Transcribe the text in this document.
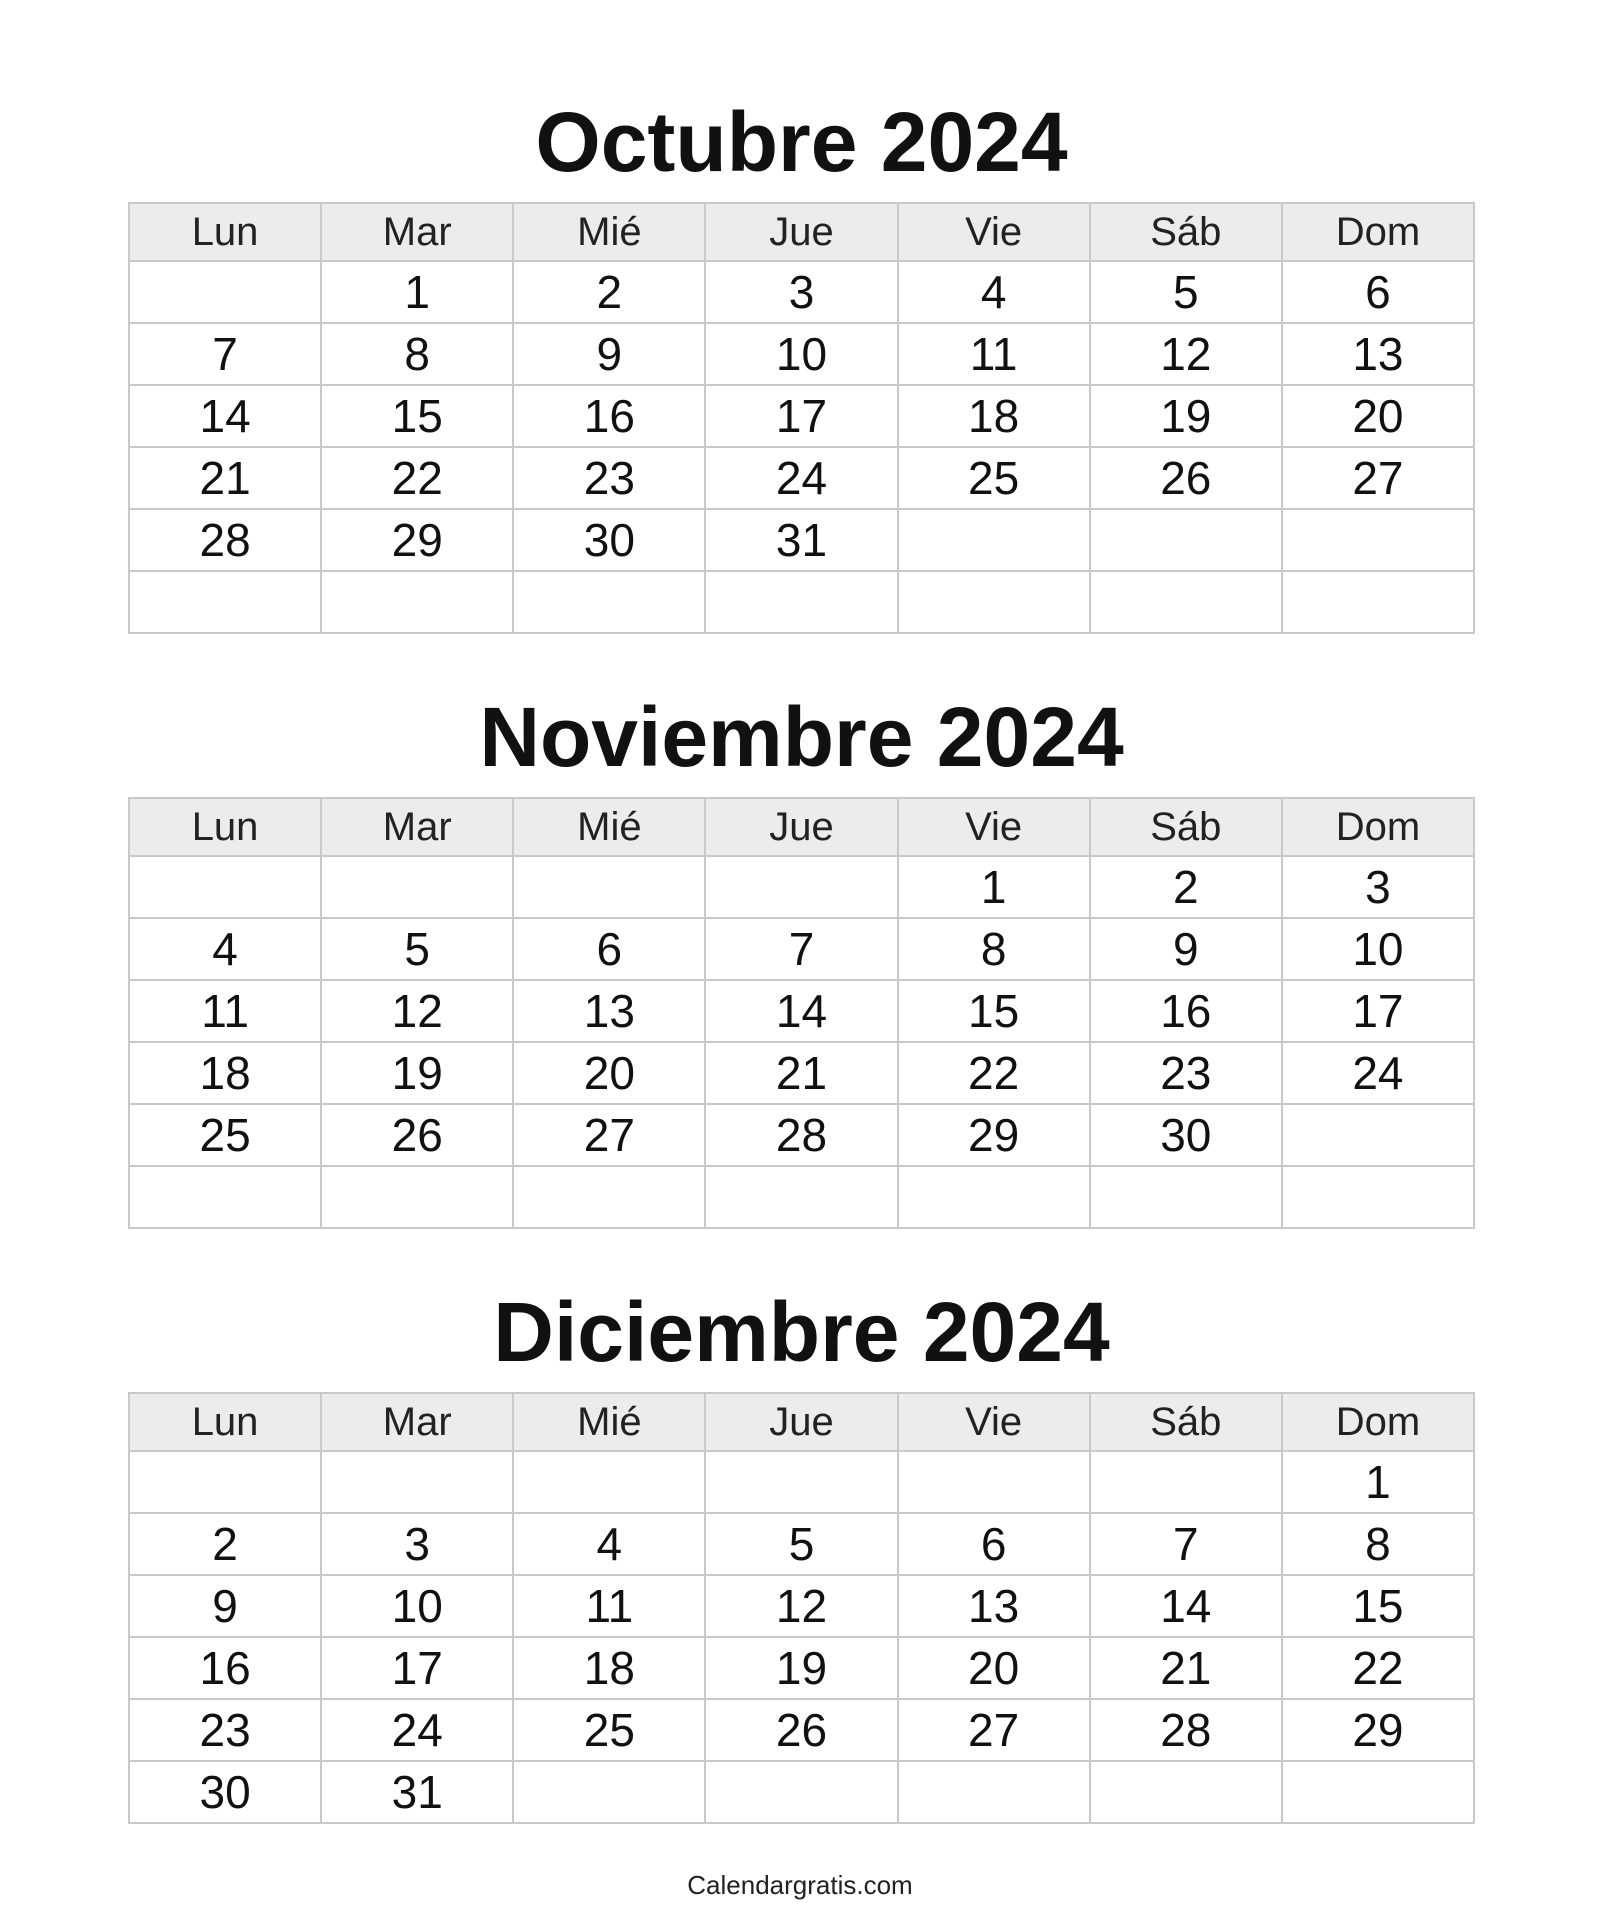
Octubre 2024
Lun	Mar	Mié	Jue	Vie	Sáb	Dom
	1	2	3	4	5	6
7	8	9	10	11	12	13
14	15	16	17	18	19	20
21	22	23	24	25	26	27
28	29	30	31			

Noviembre 2024
Lun	Mar	Mié	Jue	Vie	Sáb	Dom
				1	2	3
4	5	6	7	8	9	10
11	12	13	14	15	16	17
18	19	20	21	22	23	24
25	26	27	28	29	30	

Diciembre 2024
Lun	Mar	Mié	Jue	Vie	Sáb	Dom
						1
2	3	4	5	6	7	8
9	10	11	12	13	14	15
16	17	18	19	20	21	22
23	24	25	26	27	28	29
30	31					
Calendargratis.com
